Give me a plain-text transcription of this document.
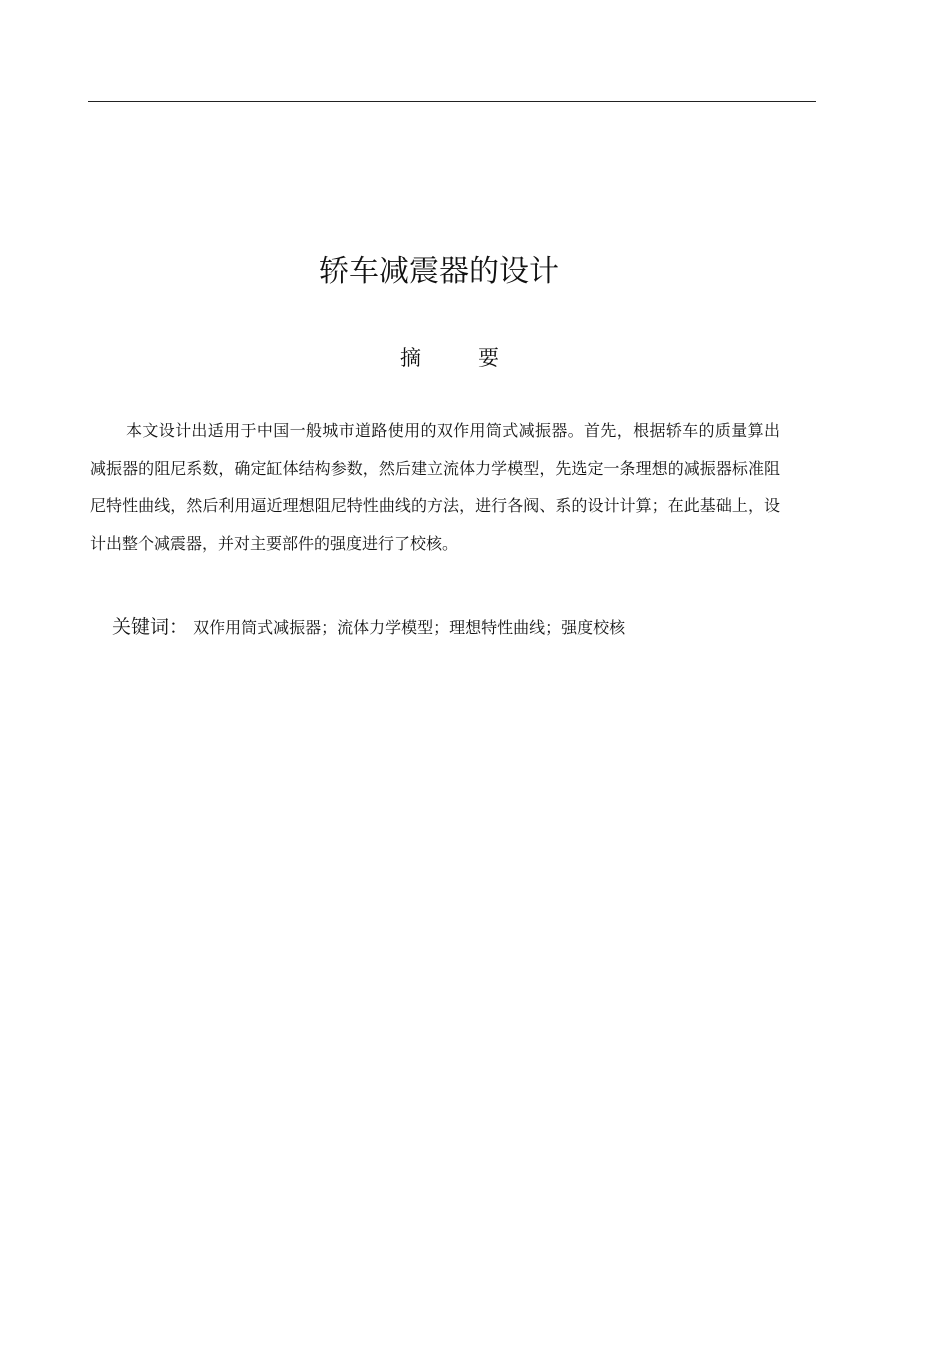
轿车减震器的设计
摘	要

本文设计出适用于中国一般城市道路使用的双作用筒式减振器。首先，根据轿车的质量算出减振器的阻尼系数，确定缸体结构参数，然后建立流体力学模型，先选定一条理想的减振器标准阻尼特性曲线，然后利用逼近理想阻尼特性曲线的方法，进行各阀、系的设计计算；在此基础上，设计出整个减震器，并对主要部件的强度进行了校核。

关键词： 双作用筒式减振器；流体力学模型；理想特性曲线；强度校核
